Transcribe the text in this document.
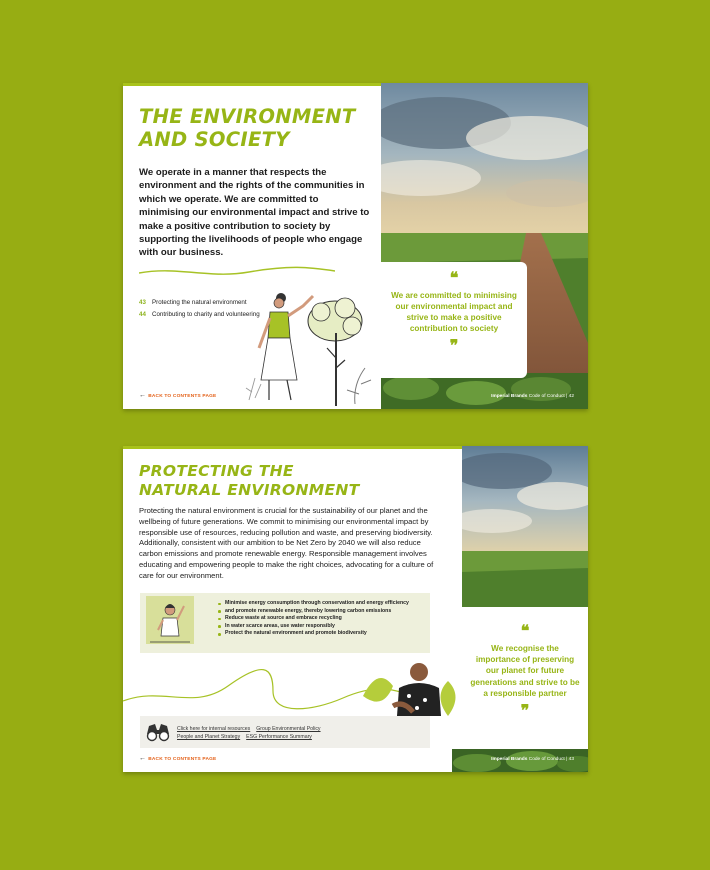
THE ENVIRONMENT
AND SOCIETY
We operate in a manner that respects the environment and the rights of the communities in which we operate. We are committed to minimising our environmental impact and strive to make a positive contribution to society by supporting the livelihoods of people who engage with our business.
43 Protecting the natural environment
44 Contributing to charity and volunteering
← BACK TO CONTENTS PAGE
❝
We are committed to minimising our environmental impact and strive to make a positive contribution to society
❞
Imperial Brands Code of Conduct | 42
PROTECTING THE
NATURAL ENVIRONMENT
Protecting the natural environment is crucial for the sustainability of our planet and the wellbeing of future generations. We commit to minimising our environmental impact by responsible use of resources, reducing pollution and waste, and preserving biodiversity. Additionally, consistent with our ambition to be Net Zero by 2040 we will also reduce carbon emissions and promote renewable energy. Responsible management involves educating and empowering people to make the right choices, advocating for a culture of care for our environment.
Minimise energy consumption through conservation and energy efficiency
and promote renewable energy, thereby lowering carbon emissions
Reduce waste at source and embrace recycling
In water scarce areas, use water responsibly
Protect the natural environment and promote biodiversity
Click here for internal resources Group Environmental Policy
People and Planet Strategy ESG Performance Summary
← BACK TO CONTENTS PAGE
❝
We recognise the importance of preserving our planet for future generations and strive to be a responsible partner
❞
Imperial Brands Code of Conduct | 43
